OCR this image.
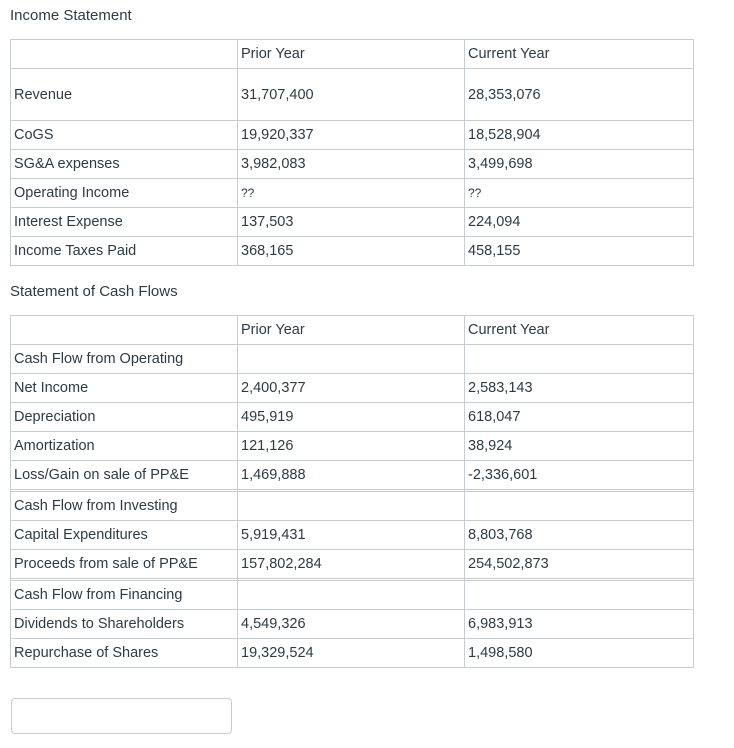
Income Statement
	Prior Year	Current Year
Revenue	31,707,400	28,353,076
CoGS	19,920,337	18,528,904
SG&A expenses	3,982,083	3,499,698
Operating Income	??	??
Interest Expense	137,503	224,094
Income Taxes Paid	368,165	458,155
Statement of Cash Flows
	Prior Year	Current Year
Cash Flow from Operating		
Net Income	2,400,377	2,583,143
Depreciation	495,919	618,047
Amortization	121,126	38,924
Loss/Gain on sale of PP&E	1,469,888	-2,336,601

Cash Flow from Investing		
Capital Expenditures	5,919,431	8,803,768
Proceeds from sale of PP&E	157,802,284	254,502,873

Cash Flow from Financing		
Dividends to Shareholders	4,549,326	6,983,913
Repurchase of Shares	19,329,524	1,498,580
